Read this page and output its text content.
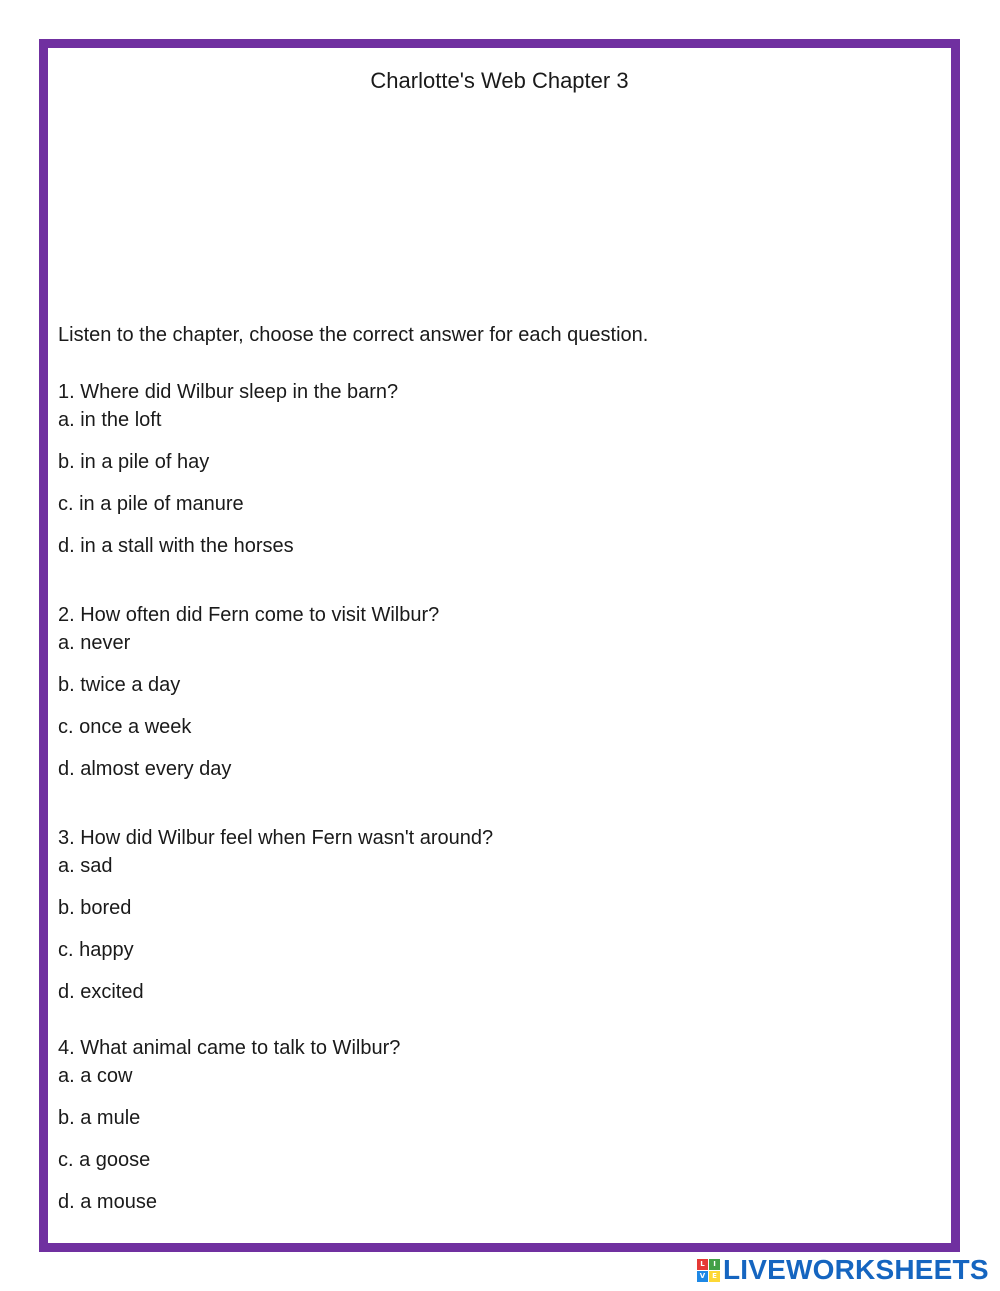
Charlotte's Web Chapter 3
Listen to the chapter, choose the correct answer for each question.
1. Where did Wilbur sleep in the barn?
a. in the loft
b. in a pile of hay
c. in a pile of manure
d. in a stall with the horses
2. How often did Fern come to visit Wilbur?
a. never
b. twice a day
c. once a week
d. almost every day
3. How did Wilbur feel when Fern wasn't around?
a. sad
b. bored
c. happy
d. excited
4. What animal came to talk to Wilbur?
a. a cow
b. a mule
c. a goose
d. a mouse
L	I
V E LIVEWORKSHEETS
